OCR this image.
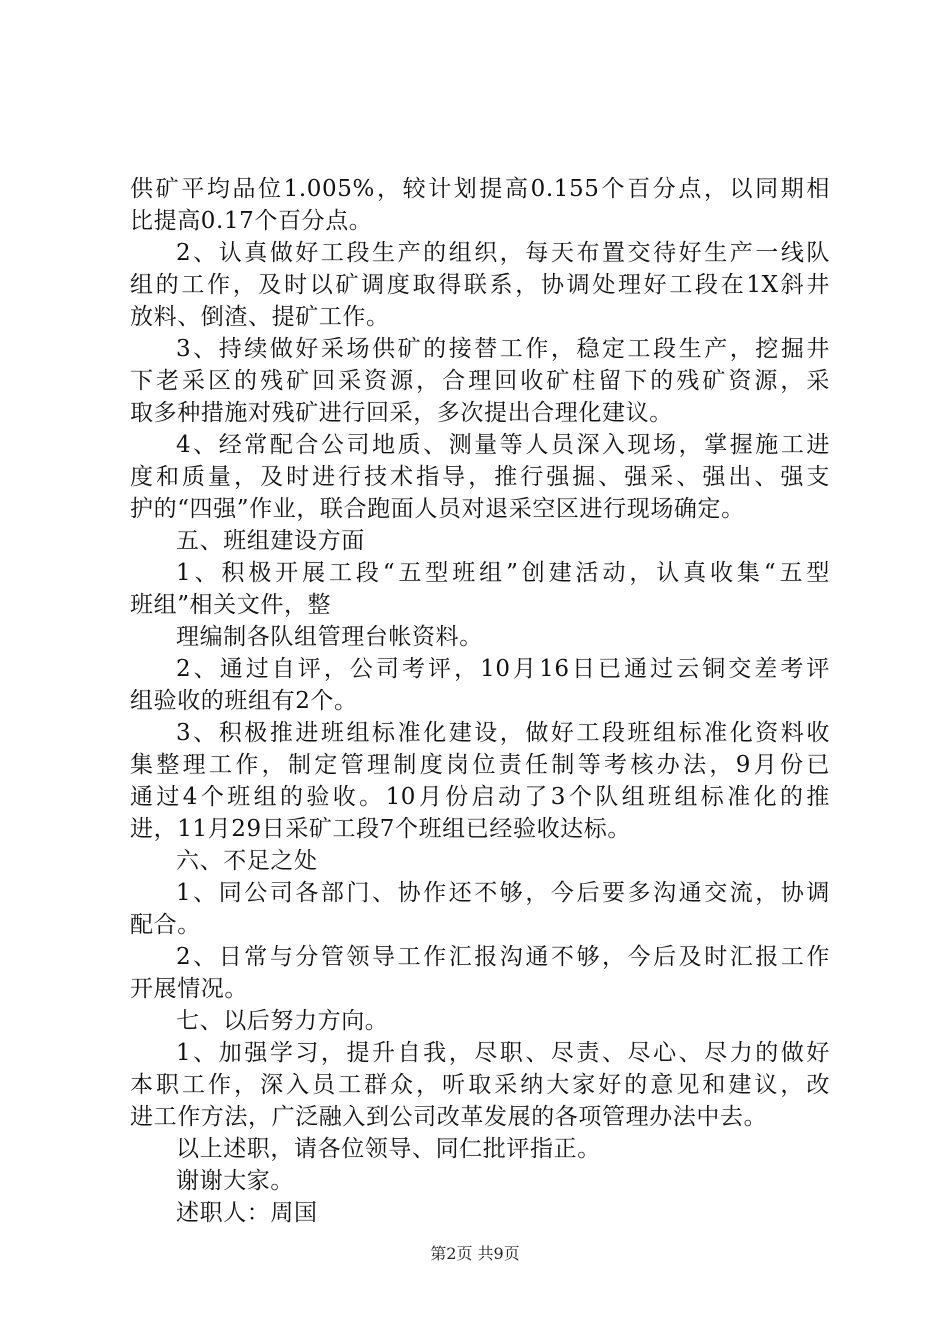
供矿平均品位1.005%，较计划提高0.155个百分点，以同期相
比提高0.17个百分点。
2、认真做好工段生产的组织，每天布置交待好生产一线队
组的工作，及时以矿调度取得联系，协调处理好工段在1X斜井
放料、倒渣、提矿工作。
3、持续做好采场供矿的接替工作，稳定工段生产，挖掘井
下老采区的残矿回采资源，合理回收矿柱留下的残矿资源，采
取多种措施对残矿进行回采，多次提出合理化建议。
4、经常配合公司地质、测量等人员深入现场，掌握施工进
度和质量，及时进行技术指导，推行强掘、强采、强出、强支
护的“四强”作业，联合跑面人员对退采空区进行现场确定。
五、班组建设方面
1、积极开展工段“五型班组”创建活动，认真收集“五型
班组”相关文件，整
理编制各队组管理台帐资料。
2、通过自评，公司考评，10月16日已通过云铜交差考评
组验收的班组有2个。
3、积极推进班组标准化建设，做好工段班组标准化资料收
集整理工作，制定管理制度岗位责任制等考核办法，9月份已
通过4个班组的验收。10月份启动了3个队组班组标准化的推
进，11月29日采矿工段7个班组已经验收达标。
六、不足之处
1、同公司各部门、协作还不够，今后要多沟通交流，协调
配合。
2、日常与分管领导工作汇报沟通不够，今后及时汇报工作
开展情况。
七、以后努力方向。
1、加强学习，提升自我，尽职、尽责、尽心、尽力的做好
本职工作，深入员工群众，听取采纳大家好的意见和建议，改
进工作方法，广泛融入到公司改革发展的各项管理办法中去。
以上述职，请各位领导、同仁批评指正。
谢谢大家。
述职人：周国
第2页 共9页
